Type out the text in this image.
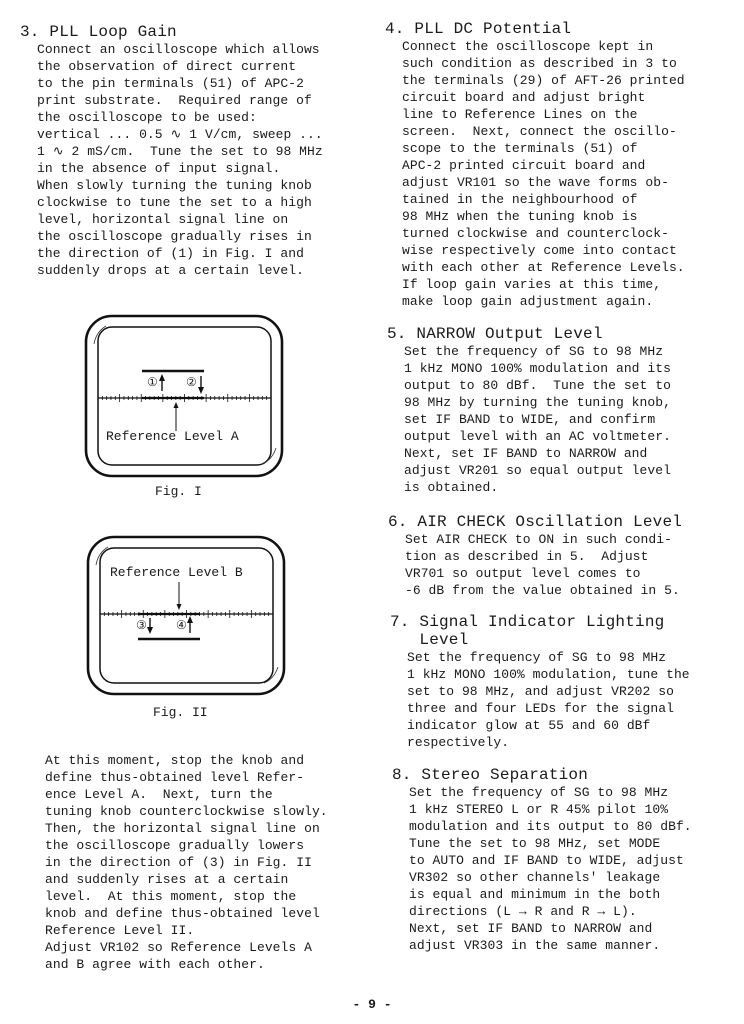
3. PLL Loop Gain

Connect an oscilloscope which allows
the observation of direct current
to the pin terminals (51) of APC-2
print substrate.  Required range of
the oscilloscope to be used:
vertical ... 0.5 ∿ 1 V/cm, sweep ...
1 ∿ 2 mS/cm.  Tune the set to 98 MHz
in the absence of input signal.
When slowly turning the tuning knob
clockwise to tune the set to a high
level, horizontal signal line on
the oscilloscope gradually rises in
the direction of (1) in Fig. I and
suddenly drops at a certain level.
① ②
Reference Level A
Fig. I
Reference Level B
③ ④
Fig. II
At this moment, stop the knob and
define thus-obtained level Refer-
ence Level A.  Next, turn the
tuning knob counterclockwise slowly.
Then, the horizontal signal line on
the oscilloscope gradually lowers
in the direction of (3) in Fig. II
and suddenly rises at a certain
level.  At this moment, stop the
knob and define thus-obtained level
Reference Level II.
Adjust VR102 so Reference Levels A
and B agree with each other.

4. PLL DC Potential

Connect the oscilloscope kept in
such condition as described in 3 to
the terminals (29) of AFT-26 printed
circuit board and adjust bright
line to Reference Lines on the
screen.  Next, connect the oscillo-
scope to the terminals (51) of
APC-2 printed circuit board and
adjust VR101 so the wave forms ob-
tained in the neighbourhood of
98 MHz when the tuning knob is
turned clockwise and counterclock-
wise respectively come into contact
with each other at Reference Levels.
If loop gain varies at this time,
make loop gain adjustment again.

5. NARROW Output Level

Set the frequency of SG to 98 MHz
1 kHz MONO 100% modulation and its
output to 80 dBf.  Tune the set to
98 MHz by turning the tuning knob,
set IF BAND to WIDE, and confirm
output level with an AC voltmeter.
Next, set IF BAND to NARROW and
adjust VR201 so equal output level
is obtained.

6. AIR CHECK Oscillation Level

Set AIR CHECK to ON in such condi-
tion as described in 5.  Adjust
VR701 so output level comes to
-6 dB from the value obtained in 5.

7. Signal Indicator Lighting

Level

Set the frequency of SG to 98 MHz
1 kHz MONO 100% modulation, tune the
set to 98 MHz, and adjust VR202 so
three and four LEDs for the signal
indicator glow at 55 and 60 dBf
respectively.

8. Stereo Separation

Set the frequency of SG to 98 MHz
1 kHz STEREO L or R 45% pilot 10%
modulation and its output to 80 dBf.
Tune the set to 98 MHz, set MODE
to AUTO and IF BAND to WIDE, adjust
VR302 so other channels' leakage
is equal and minimum in the both
directions (L → R and R → L).
Next, set IF BAND to NARROW and
adjust VR303 in the same manner.
- 9 -
